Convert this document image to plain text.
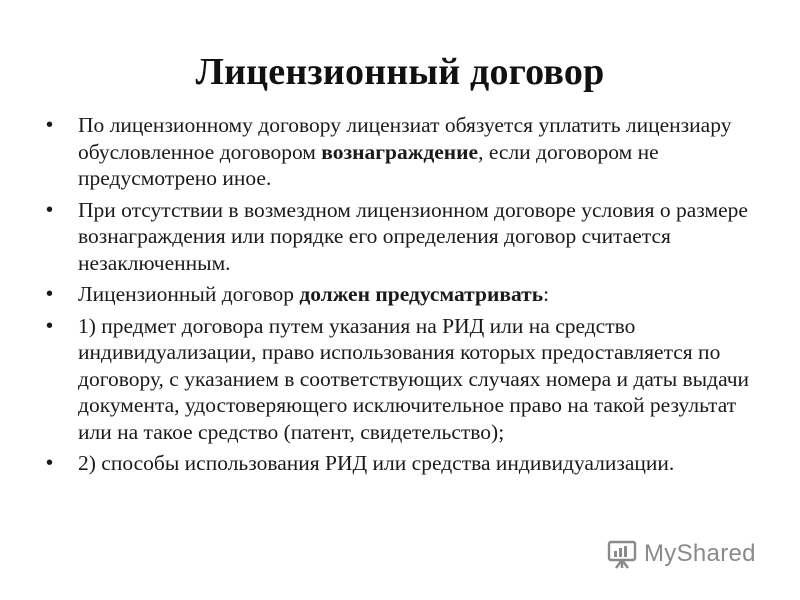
Лицензионный договор
•	По лицензионному договору лицензиат обязуется уплатить лицензиару обусловленное договором вознаграждение, если договором не предусмотрено иное.
•	При отсутствии в возмездном лицензионном договоре условия о размере вознаграждения или порядке его определения договор считается незаключенным.
•	Лицензионный договор должен предусматривать:
•	1) предмет договора путем указания на РИД или на средство индивидуализации, право использования которых предоставляется по договору, с указанием в соответствующих случаях номера и даты выдачи документа, удостоверяющего исключительное право на такой результат или на такое средство (патент, свидетельство);
•	2) способы использования РИД или средства индивидуализации.
MyShared
